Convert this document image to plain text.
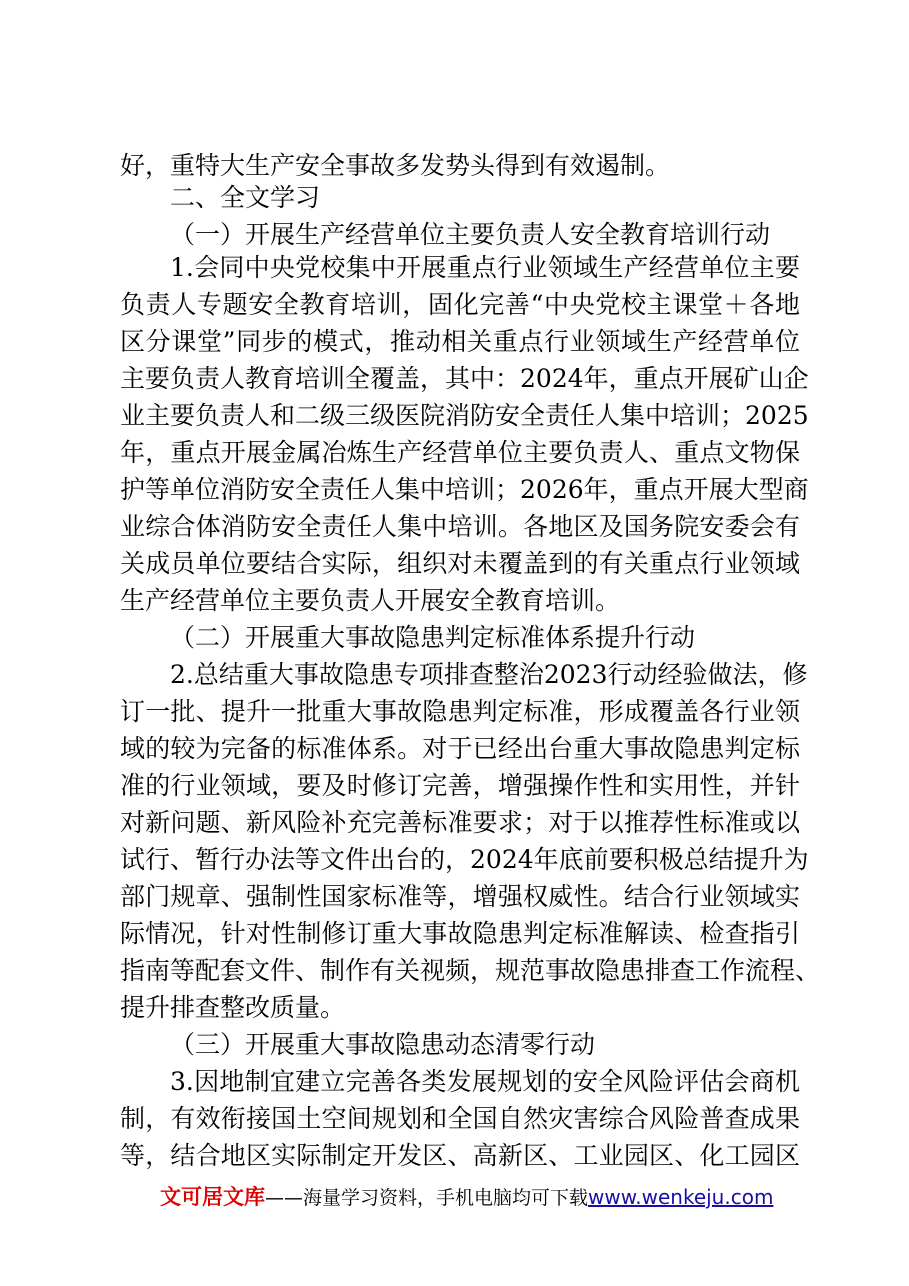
好，重特大生产安全事故多发势头得到有效遏制。
二、全文学习
（一）开展生产经营单位主要负责人安全教育培训行动
1.会同中央党校集中开展重点行业领域生产经营单位主要
负责人专题安全教育培训，固化完善“中央党校主课堂＋各地
区分课堂”同步的模式，推动相关重点行业领域生产经营单位
主要负责人教育培训全覆盖，其中：2024年，重点开展矿山企
业主要负责人和二级三级医院消防安全责任人集中培训；2025
年，重点开展金属冶炼生产经营单位主要负责人、重点文物保
护等单位消防安全责任人集中培训；2026年，重点开展大型商
业综合体消防安全责任人集中培训。各地区及国务院安委会有
关成员单位要结合实际，组织对未覆盖到的有关重点行业领域
生产经营单位主要负责人开展安全教育培训。
（二）开展重大事故隐患判定标准体系提升行动
2.总结重大事故隐患专项排查整治2023行动经验做法，修
订一批、提升一批重大事故隐患判定标准，形成覆盖各行业领
域的较为完备的标准体系。对于已经出台重大事故隐患判定标
准的行业领域，要及时修订完善，增强操作性和实用性，并针
对新问题、新风险补充完善标准要求；对于以推荐性标准或以
试行、暂行办法等文件出台的，2024年底前要积极总结提升为
部门规章、强制性国家标准等，增强权威性。结合行业领域实
际情况，针对性制修订重大事故隐患判定标准解读、检查指引
指南等配套文件、制作有关视频，规范事故隐患排查工作流程、
提升排查整改质量。
（三）开展重大事故隐患动态清零行动
3.因地制宜建立完善各类发展规划的安全风险评估会商机
制，有效衔接国土空间规划和全国自然灾害综合风险普查成果
等，结合地区实际制定开发区、高新区、工业园区、化工园区
文可居文库——海量学习资料，手机电脑均可下载www.wenkeju.com
